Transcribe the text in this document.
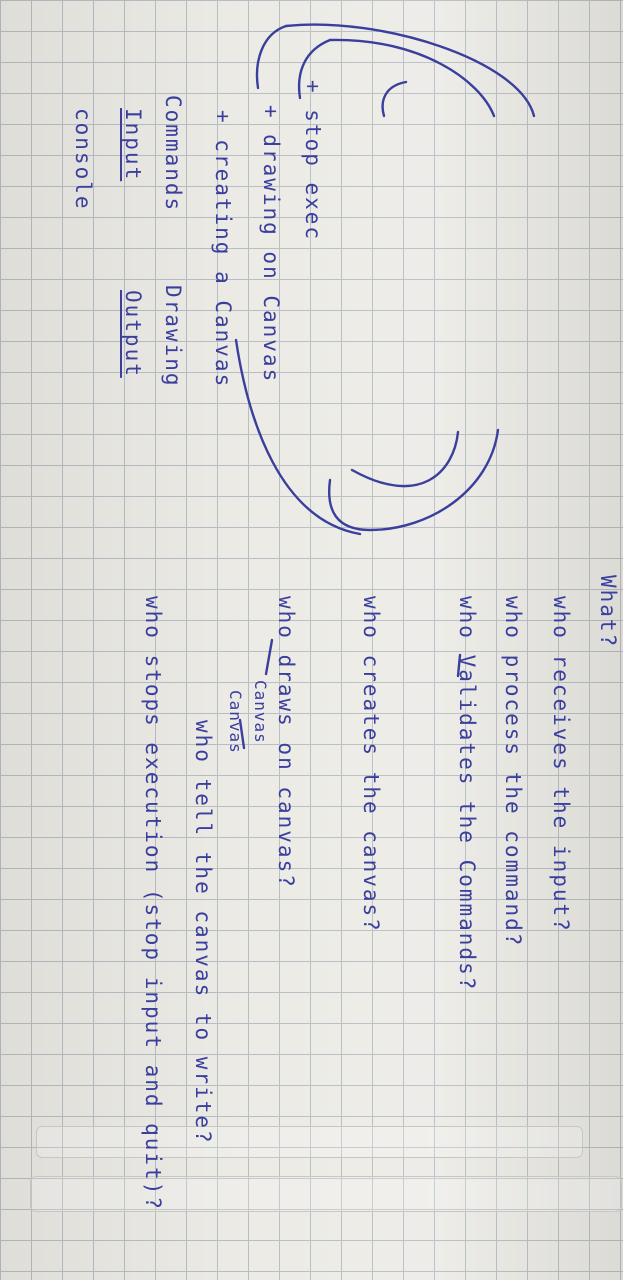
console Input Commands
Output Drawing + creating a Canvas + drawing on Canvas + stop exec
What?
who receives the input?
who process the command?
who Validates the Commands?
who creates the canvas?
who draws on canvas?
Canvas
Canvas
who tell the canvas to write?
who stops execution (stop input and quit)?
